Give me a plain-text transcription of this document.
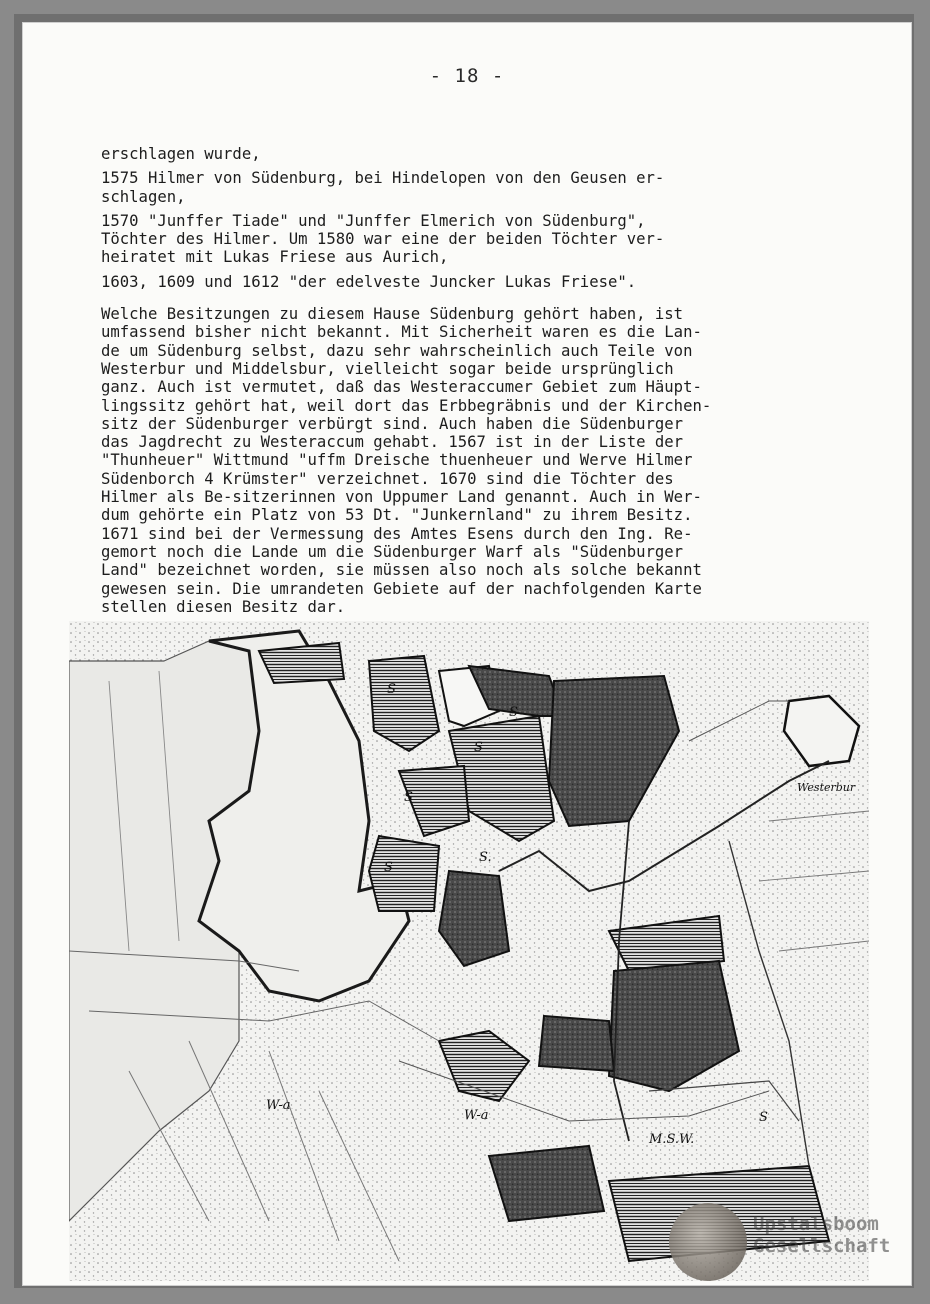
- 18 -
erschlagen wurde,
1575 Hilmer von Südenburg, bei Hindelopen von den Geusen er-
schlagen,
1570 "Junffer Tiade" und "Junffer Elmerich von Südenburg",
Töchter des Hilmer. Um 1580 war eine der beiden Töchter ver-
heiratet mit Lukas Friese aus Aurich,
1603, 1609 und 1612 "der edelveste Juncker Lukas Friese".
Welche Besitzungen zu diesem Hause Südenburg gehört haben, ist
umfassend bisher nicht bekannt. Mit Sicherheit waren es die Lan-
de um Südenburg selbst, dazu sehr wahrscheinlich auch Teile von
Westerbur und Middelsbur, vielleicht sogar beide ursprünglich
ganz. Auch ist vermutet, daß das Westeraccumer Gebiet zum Häupt-
lingssitz gehört hat, weil dort das Erbbegräbnis und der Kirchen-
sitz der Südenburger verbürgt sind. Auch haben die Südenburger
das Jagdrecht zu Westeraccum gehabt. 1567 ist in der Liste der
"Thunheuer" Wittmund "uffm Dreische thuenheuer und Werve Hilmer
Südenborch 4 Krümster" verzeichnet. 1670 sind die Töchter des
Hilmer als Be-sitzerinnen von Uppumer Land genannt. Auch in Wer-
dum gehörte ein Platz von 53 Dt. "Junkernland" zu ihrem Besitz.
1671 sind bei der Vermessung des Amtes Esens durch den Ing. Re-
gemort noch die Lande um die Südenburger Warf als "Südenburger
Land" bezeichnet worden, sie müssen also noch als solche bekannt
gewesen sein. Die umrandeten Gebiete auf der nachfolgenden Karte
stellen diesen Besitz dar.
S
S
S
S.
S
S
W-a
W-a
M.S.W.
S
Westerbur
Upstalsboom
Gesellschaft
